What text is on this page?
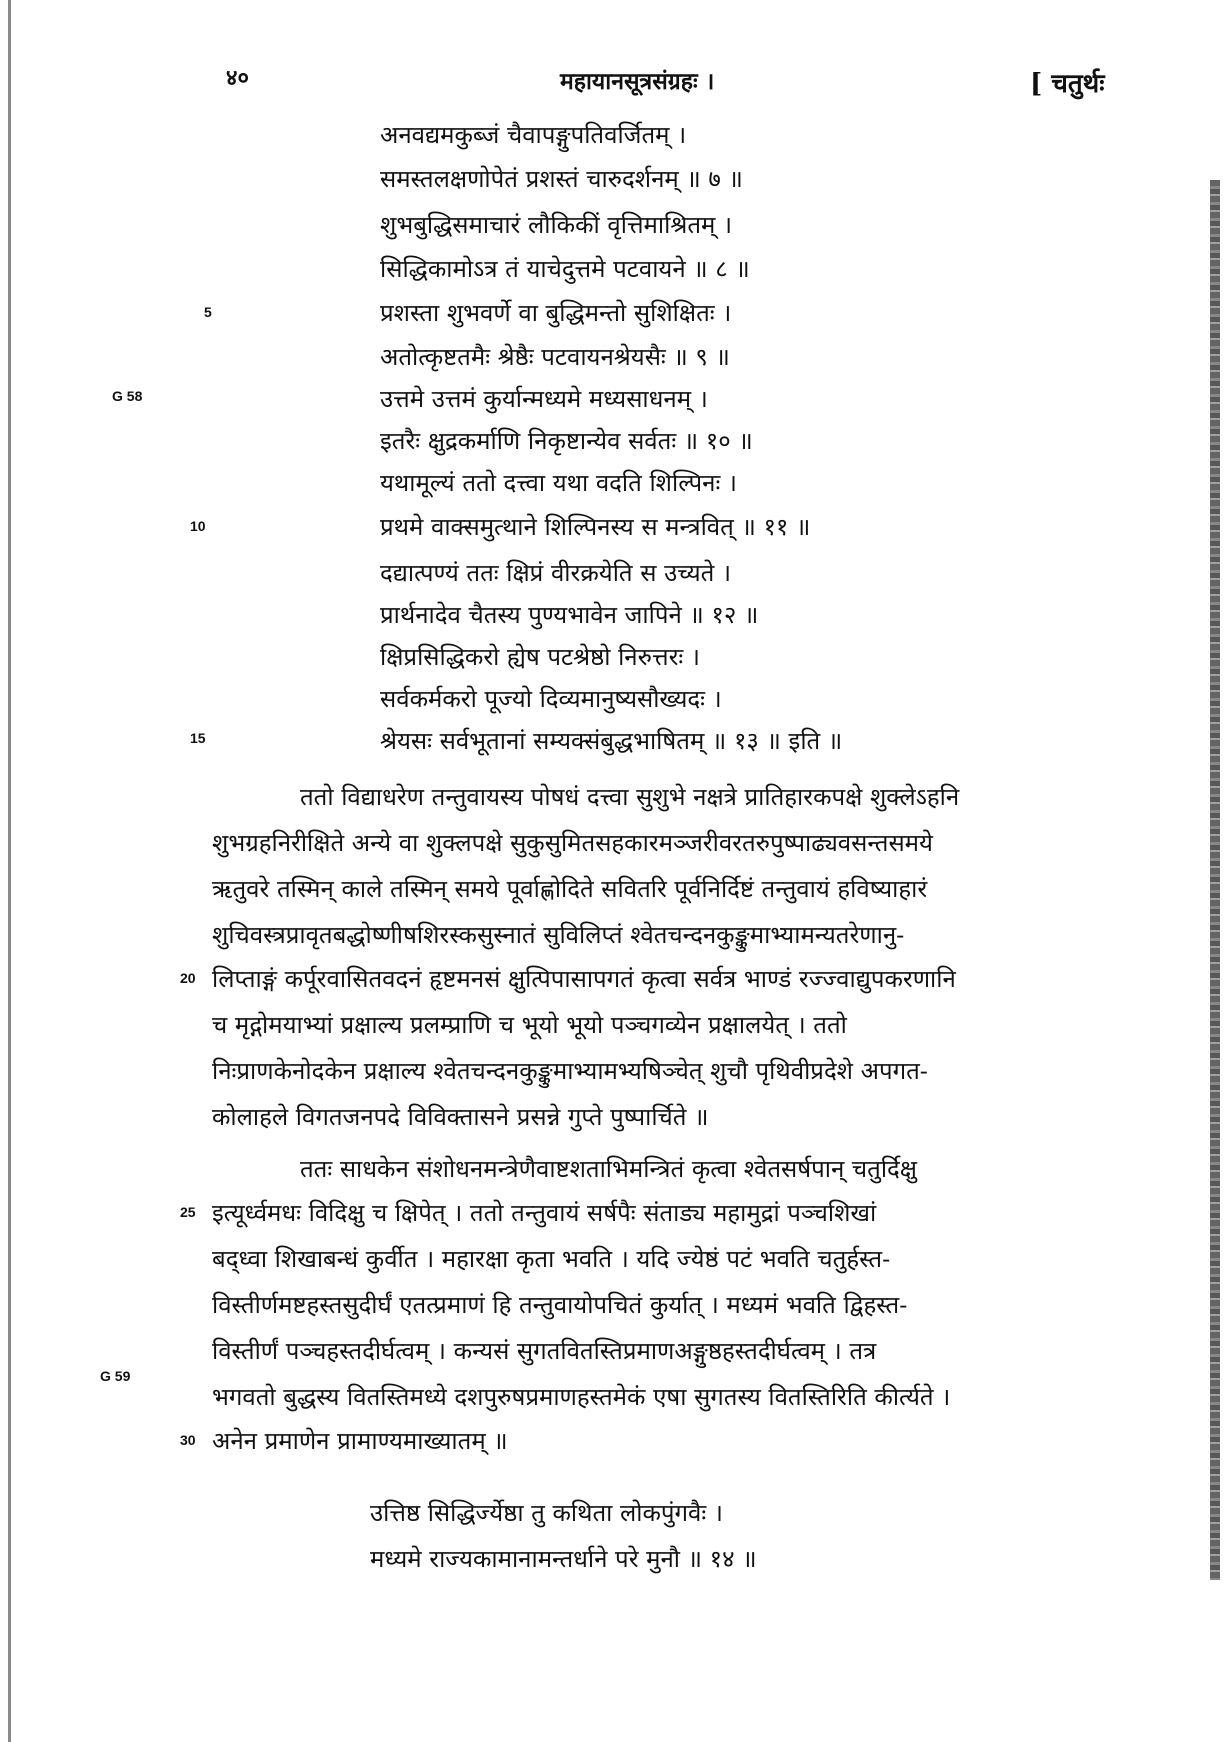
४०	महायानसूत्रसंग्रहः ।	[ चतुर्थः
अनवद्यमकुब्जं चैवापङ्गुपतिवर्जितम् ।
समस्तलक्षणोपेतं प्रशस्तं चारुदर्शनम् ॥ ७ ॥
शुभबुद्धिसमाचारं लौकिकीं वृत्तिमाश्रितम् ।
सिद्धिकामोऽत्र तं याचेदुत्तमे पटवायने ॥ ८ ॥
प्रशस्ता शुभवर्णे वा बुद्धिमन्तो सुशिक्षितः ।
अतोत्कृष्टतमैः श्रेष्ठैः पटवायनश्रेयसैः ॥ ९ ॥
उत्तमे उत्तमं कुर्यान्मध्यमे मध्यसाधनम् ।
इतरैः क्षुद्रकर्माणि निकृष्टान्येव सर्वतः ॥ १० ॥
यथामूल्यं ततो दत्त्वा यथा वदति शिल्पिनः ।
प्रथमे वाक्समुत्थाने शिल्पिनस्य स मन्त्रवित् ॥ ११ ॥
दद्यात्पण्यं ततः क्षिप्रं वीरक्रयेति स उच्यते ।
प्रार्थनादेव चैतस्य पुण्यभावेन जापिने ॥ १२ ॥
क्षिप्रसिद्धिकरो ह्येष पटश्रेष्ठो निरुत्तरः ।
सर्वकर्मकरो पूज्यो दिव्यमानुष्यसौख्यदः ।
श्रेयसः सर्वभूतानां सम्यक्संबुद्धभाषितम् ॥ १३ ॥ इति ॥
5
10
15
G 58
G 59
ततो विद्याधरेण तन्तुवायस्य पोषधं दत्त्वा सुशुभे नक्षत्रे प्रातिहारकपक्षे शुक्लेऽहनि
शुभग्रहनिरीक्षिते अन्ये वा शुक्लपक्षे सुकुसुमितसहकारमञ्जरीवरतरुपुष्पाढ्यवसन्तसमये
ऋतुवरे तस्मिन् काले तस्मिन् समये पूर्वाह्णोदिते सवितरि पूर्वनिर्दिष्टं तन्तुवायं हविष्याहारं
शुचिवस्त्रप्रावृतबद्धोष्णीषशिरस्कसुस्नातं सुविलिप्तं श्वेतचन्दनकुङ्कुमाभ्यामन्यतरेणानु-
20 लिप्ताङ्गं कर्पूरवासितवदनं हृष्टमनसं क्षुत्पिपासापगतं कृत्वा सर्वत्र भाण्डं रज्ज्वाद्युपकरणानि
च मृद्गोमयाभ्यां प्रक्षाल्य प्रलम्प्राणि च भूयो भूयो पञ्चगव्येन प्रक्षालयेत् । ततो
निःप्राणकेनोदकेन प्रक्षाल्य श्वेतचन्दनकुङ्कुमाभ्यामभ्यषिञ्चेत् शुचौ पृथिवीप्रदेशे अपगत-
कोलाहले विगतजनपदे विविक्तासने प्रसन्ने गुप्ते पुष्पार्चिते ॥
ततः साधकेन संशोधनमन्त्रेणैवाष्टशताभिमन्त्रितं कृत्वा श्वेतसर्षपान् चतुर्दिक्षु
25 इत्यूर्ध्वमधः विदिक्षु च क्षिपेत् । ततो तन्तुवायं सर्षपैः संताड्य महामुद्रां पञ्चशिखां
बद्ध्वा शिखाबन्धं कुर्वीत । महारक्षा कृता भवति । यदि ज्येष्ठं पटं भवति चतुर्हस्त-
विस्तीर्णमष्टहस्तसुदीर्घं एतत्प्रमाणं हि तन्तुवायोपचितं कुर्यात् । मध्यमं भवति द्विहस्त-
विस्तीर्णं पञ्चहस्तदीर्घत्वम् । कन्यसं सुगतवितस्तिप्रमाणअङ्गुष्ठहस्तदीर्घत्वम् । तत्र
भगवतो बुद्धस्य वितस्तिमध्ये दशपुरुषप्रमाणहस्तमेकं एषा सुगतस्य वितस्तिरिति कीर्त्यते ।
30 अनेन प्रमाणेन प्रामाण्यमाख्यातम् ॥
उत्तिष्ठ सिद्धिर्ज्येष्ठा तु कथिता लोकपुंगवैः ।
मध्यमे राज्यकामानामन्तर्धाने परे मुनौ ॥ १४ ॥
